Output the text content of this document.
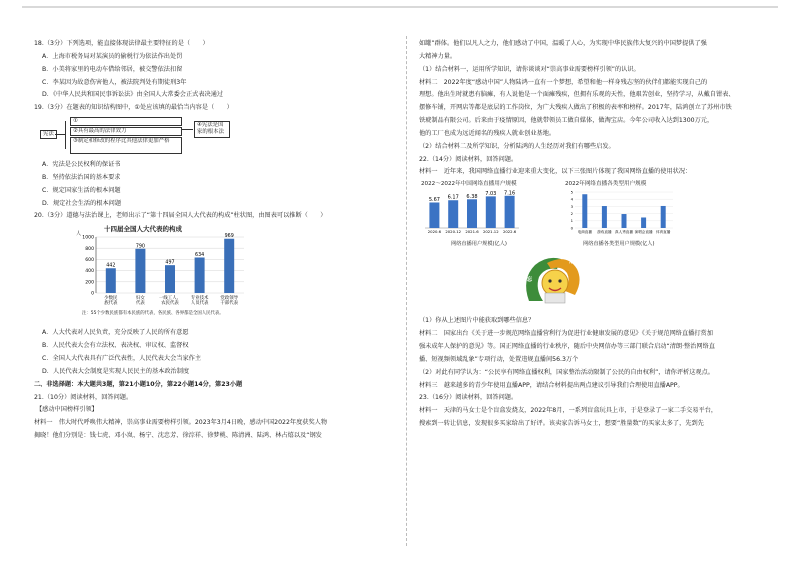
18.（3分）下列选项，能直接体现法律最主要特征的是（　　）

A．上海市税务局对某演员的偷税行为依法作出处罚

B．小美将家里的电动车借给邻居，被交警依法扣留

C．李某因为故意伤害他人，被法院判处有期徒刑3年

D．《中华人民共和国民事诉讼法》由全国人大常委会正式表决通过

19.（3分）在题表的知识结构图中，①处应该填的最恰当内容是（　　）

宪法
①
②具有最高的法律效力
③制定和修改的程序比其他法律更加严格
④宪法是国家的根本法

A．宪法是公民权利的保证书

B．坚持依法治国的基本要求

C．规定国家生活的根本问题

D．规定社会生活的根本问题

20.（3分）道德与法治课上，老师出示了“第十四届全国人大代表的构成”柱状图，由图表可以推断（　　）

十四届全国人大代表的构成
人
1000
800
600
400
200
0
442
少数民
族代表
790
妇女
代表
497
一线工人、
农民代表
634
专业技术
人员代表
969
党政领导
干部代表
注：55个少数民族都有本民族的代表，各民族、各界都是全国人民代表。

A．人大代表对人民负责，充分反映了人民的所有意愿

B．人民代表大会有立法权、表决权、审议权、监督权

C．全国人大代表具有广泛代表性，人民代表大会当家作主

D．人民代表大会制度是实现人民民主的基本政治制度

二、非选择题：本大题共3题，第21小题10分，第22小题14分，第23小题

21.（10分）阅读材料，回答问题。

【感动中国榜样引领】

材料一　伟大时代呼唤伟大精神，崇高事业需要榜样引领。2023年3月4日晚，感动中国2022年度获奖人物

揭晓！他们分别是：钱七虎、邓小岚、杨宁、沈忠芳、徐淙祥、徐梦桃、陈清洲、陆鸿、林占熺以及“钢发

如罐”群体。他们以凡人之力，他们感动了中国，温暖了人心，为实现中华民族伟大复兴的中国梦提供了强

大精神力量。

（1）结合材料一，运用所学知识，请你谈谈对“崇高事业需要榜样引领”的认识。

材料二　2022年度“感动中国”人物陆鸿一直有一个梦想，希望和他一样身残志坚的伙伴们都能实现自己的

理想。他出生时就患有脑瘫，有人说他是一个面瘫残疾，但拥有乐观的天性，他艰苦创业，坚持学习，从戴自钳表、

摆修车铺，开网店等都是底层的工作岗位，为广大残疾人做出了积极的表率和榜样。2017年，陆鸿创立了苏州市铁

铁琥制品有限公司。后来由于疫情原因，他就带领员工做自媒体，做淘宝店。今年公司收入达到1300万元，

他的工厂也成为远近闻名的残疾人就业创业基地。

（2）结合材料二及所学知识，分析陆鸿的人生经历对我们有哪些启发。

22.（14分）阅读材料，回答问题。

材料一　近年来，我国网络直播行业迎来重大变化，以下三张图片体现了我国网络直播的使用状况：

2022～2022年中国网络直播用户规模
5.67
2020.6
6.17
2020.12
6.38
2021.6
7.03
2021.12
7.16
2022.6
网络直播用户规模(亿人)
2022年网络直播各类型用户规模
0
1
2
3
4
5
电商直播 游戏直播 真人秀直播 演唱会直播 体育直播
网络直播各类型用户规模(亿人)
勿忘
努力
危机

（1）你从上述图片中能获取到哪些信息？

材料二　国家出台《关于进一步规范网络直播营利行为促进行业健康发展的意见》《关于规范网络直播打赏加

强未成年人保护的意见》等。国正网络直播的行业秩序，随后中央网信办等三部门联合启动“清朗·整治网络直

播、短视频领域乱象”专项行动，处置违规直播间56.3万个

（2）对此有同学认为：“公民享有网络直播权利，国家整治活动限制了公民的自由权利”，请你评析这观点。

材料三　越来越多的青少年使用直播APP，请结合材料提出两点建议引导我们合理使用直播APP。

23.（16分）阅读材料，回答问题。

材料一　天津的马女士是个盲盒发烧友，2022年8月，一系列盲盒玩具上市，于是登录了一家二手交易平台，

搜索到一转让信息，发现很多买家给出了好评。该卖家告诉马女士，想要“胜量数”的买家太多了，先到先
